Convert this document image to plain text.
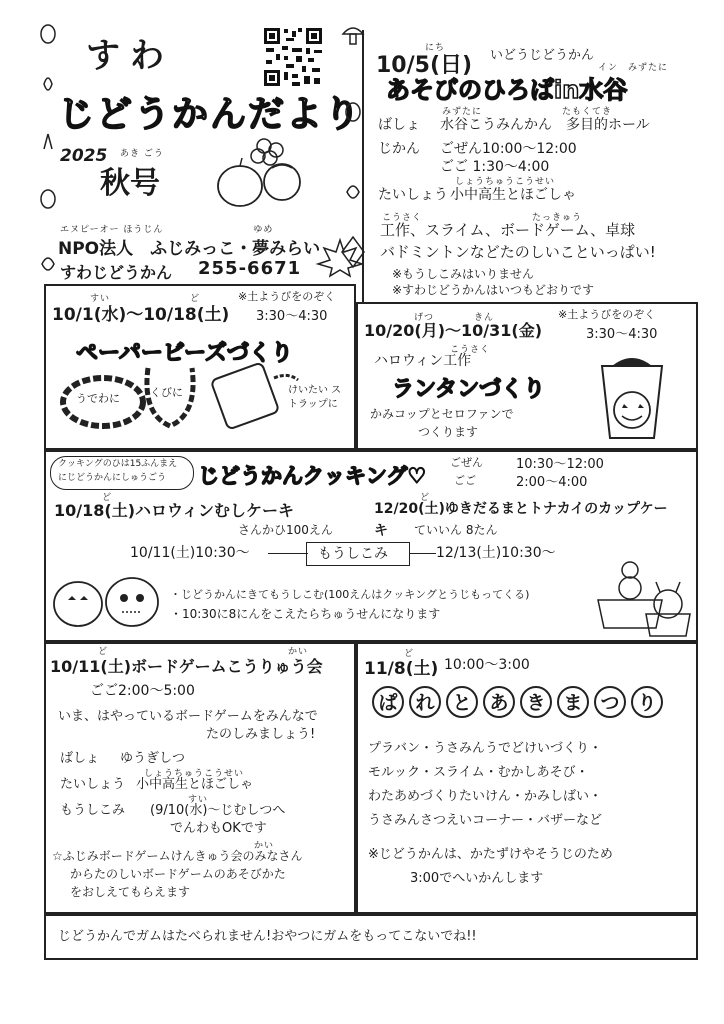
すわ
じどうかんだより
2025 あき ごう
秋号
エヌピーオー ほうじん　　　　　　　　　ゆめ
NPO法人　ふじみっこ・夢みらい
すわじどうかん 255-6671
にち
10/5(日) いどうじどうかん
イン　みずたに
あそびのひろばin水谷
みずたに　　　　　　　　たもくてき
ばしょ 水谷こうみんかん　多目的ホール
じかん ごぜん10:00～12:00
ごご 1:30～4:00
しょうちゅうこうせい
たいしょう 小中高生とほごしゃ
こうさく　　　　　　　　　　　たっきゅう
工作、スライム、ボードゲーム、卓球
バドミントンなどたのしいこといっぱい!
※もうしこみはいりません
※すわじどうかんはいつもどおりです
すい　　　　　　　　ど
10/1(水)～10/18(土)
※土ようびをのぞく
3:30～4:30
ペーパービーズづくり
うでわに	くびに	けいたい ストラップに
げつ　　　　きん
10/20(月)～10/31(金)
※土ようびをのぞく
3:30～4:30
こうさく
ハロウィン工作
ランタンづくり
かみコップとセロファンで
つくります
クッキングのひは15ふんまえ
にじどうかんにしゅうごう じどうかんクッキング♡
ごぜん	10:30～12:00
ごご	2:00～4:00
ど
10/18(土)ハロウィンむしケーキ
ど
12/20(土)ゆきだるまとトナカイのカップケーキ
さんかひ100えん	ていいん 8たん
10/11(土)10:30～	もうしこみ	12/13(土)10:30～
・じどうかんにきてもうしこむ(100えんはクッキングとうじもってくる)
・10:30に8にんをこえたらちゅうせんになります
ど　　　　　　　　　　　　　　　　　　かい
10/11(土)ボードゲームこうりゅう会
ごご2:00～5:00
いま、はやっているボードゲームをみんなで
たのしみましょう!
ばしょ ゆうぎしつ
しょうちゅうこうせい
たいしょう 小中高生とほごしゃ
すい
もうしこみ (9/10(水)～じむしつへ
でんわもOKです
かい
☆ふじみボードゲームけんきゅう会のみなさん
からたのしいボードゲームのあそびかた
をおしえてもらえます
ど
11/8(土) 10:00～3:00
ぱ れ と あ き ま つ り
プラバン・うさみんうでどけいづくり・
モルック・スライム・むかしあそび・
わたあめづくりたいけん・かみしばい・
うさみんさつえいコーナー・バザーなど
※じどうかんは、かたずけやそうじのため
3:00でへいかんします
じどうかんでガムはたべられません!おやつにガムをもってこないでね!!
